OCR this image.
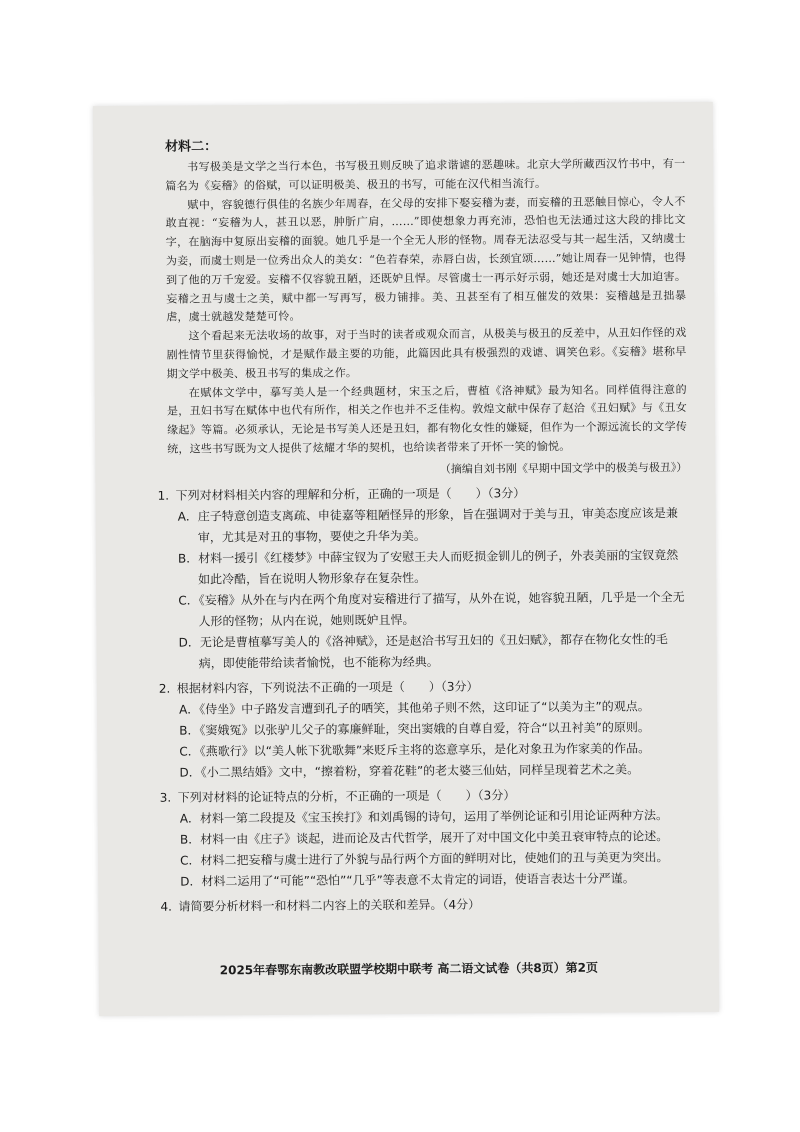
材料二：

书写极美是文学之当行本色，书写极丑则反映了追求谐谑的恶趣味。北京大学所藏西汉竹书中，有一篇名为《妄稽》的俗赋，可以证明极美、极丑的书写，可能在汉代相当流行。

赋中，容貌德行俱佳的名族少年周春，在父母的安排下娶妄稽为妻，而妄稽的丑恶触目惊心，令人不敢直视：“妄稽为人，甚丑以恶，肿肵广肩，……”即使想象力再充沛，恐怕也无法通过这大段的排比文字，在脑海中复原出妄稽的面貌。她几乎是一个全无人形的怪物。周春无法忍受与其一起生活，又纳虞士为妾，而虞士则是一位秀出众人的美女：“色若春荣，赤唇白齿，长颈宜颂……”她让周春一见钟情，也得到了他的万千宠爱。妄稽不仅容貌丑陋，还既妒且悍。尽管虞士一再示好示弱，她还是对虞士大加迫害。妄稽之丑与虞士之美，赋中都一写再写，极力铺排。美、丑甚至有了相互催发的效果：妄稽越是丑拙暴虐，虞士就越发楚楚可怜。

这个看起来无法收场的故事，对于当时的读者或观众而言，从极美与极丑的反差中，从丑妇作怪的戏剧性情节里获得愉悦，才是赋作最主要的功能，此篇因此具有极强烈的戏谑、调笑色彩。《妄稽》堪称早期文学中极美、极丑书写的集成之作。

在赋体文学中，摹写美人是一个经典题材，宋玉之后，曹植《洛神赋》最为知名。同样值得注意的是，丑妇书写在赋体中也代有所作，相关之作也并不乏佳构。敦煌文献中保存了赵洽《丑妇赋》与《丑女缘起》等篇。必须承认，无论是书写美人还是丑妇，都有物化女性的嫌疑，但作为一个源远流长的文学传统，这些书写既为文人提供了炫耀才华的契机，也给读者带来了开怀一笑的愉悦。

（摘编自刘书刚《早期中国文学中的极美与极丑》）
1. 下列对材料相关内容的理解和分析，正确的一项是（　　）（3分）
A．庄子特意创造支离疏、申徒嘉等粗陋怪异的形象，旨在强调对于美与丑，审美态度应该是兼审，尤其是对丑的事物，要使之升华为美。
B．材料一援引《红楼梦》中薛宝钗为了安慰王夫人而贬损金钏儿的例子，外表美丽的宝钗竟然如此冷酷，旨在说明人物形象存在复杂性。
C．《妄稽》从外在与内在两个角度对妄稽进行了描写，从外在说，她容貌丑陋，几乎是一个全无人形的怪物；从内在说，她则既妒且悍。
D．无论是曹植摹写美人的《洛神赋》，还是赵洽书写丑妇的《丑妇赋》，都存在物化女性的毛病，即使能带给读者愉悦，也不能称为经典。
2. 根据材料内容，下列说法不正确的一项是（　　）（3分）
A．《侍坐》中子路发言遭到孔子的哂笑，其他弟子则不然，这印证了“以美为主”的观点。
B．《窦娥冤》以张驴儿父子的寡廉鲜耻，突出窦娥的自尊自爱，符合“以丑衬美”的原则。
C．《燕歌行》以“美人帐下犹歌舞”来贬斥主将的恣意享乐，是化对象丑为作家美的作品。
D．《小二黑结婚》文中，“擦着粉，穿着花鞋”的老太婆三仙姑，同样呈现着艺术之美。
3. 下列对材料的论证特点的分析，不正确的一项是（　　）（3分）
A．材料一第二段提及《宝玉挨打》和刘禹锡的诗句，运用了举例论证和引用论证两种方法。
B．材料一由《庄子》谈起，进而论及古代哲学，展开了对中国文化中美丑衰审特点的论述。
C．材料二把妄稽与虞士进行了外貌与品行两个方面的鲜明对比，使她们的丑与美更为突出。
D．材料二运用了“可能”“恐怕”“几乎”等表意不太肯定的词语，使语言表达十分严谨。
4. 请简要分析材料一和材料二内容上的关联和差异。（4分）
2025年春鄂东南教改联盟学校期中联考 高二语文试卷（共8页）第2页
